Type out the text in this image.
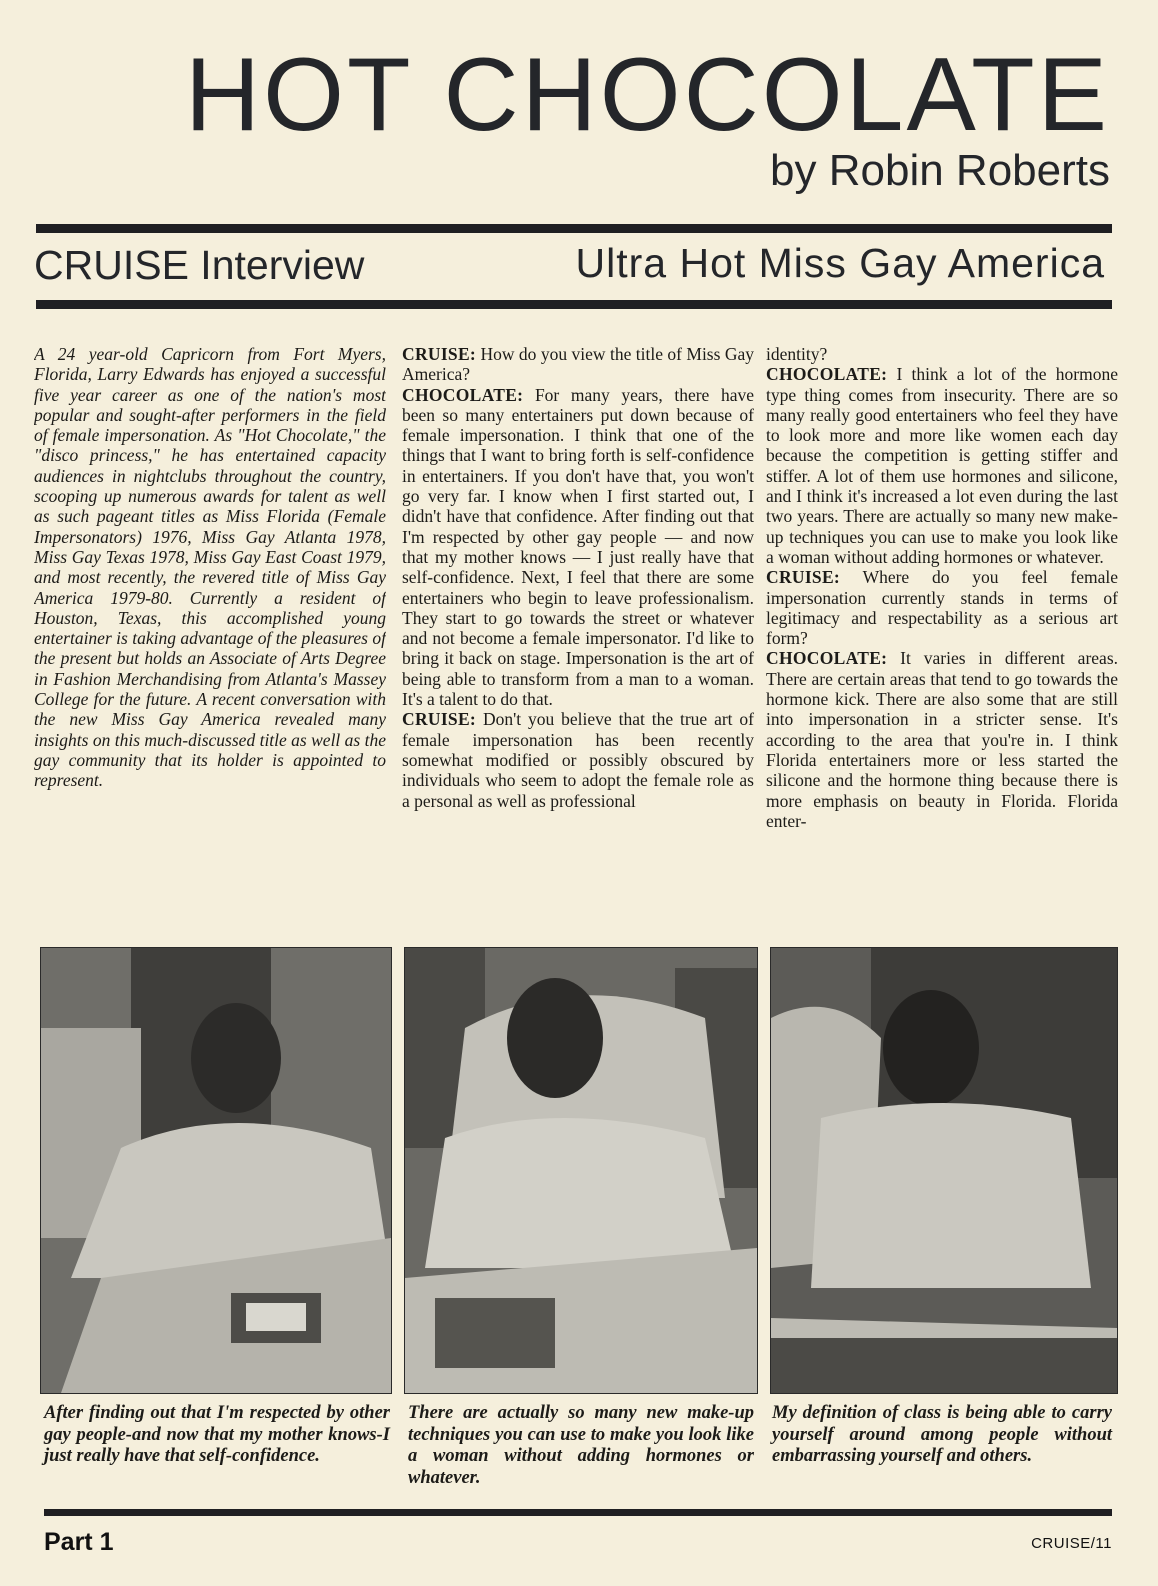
HOT CHOCOLATE
by Robin Roberts
CRUISE Interview	Ultra Hot Miss Gay America

A 24 year-old Capricorn from Fort Myers, Florida, Larry Edwards has enjoyed a successful five year career as one of the nation's most popular and sought-after performers in the field of female impersonation. As "Hot Chocolate," the "disco princess," he has entertained capacity audiences in nightclubs throughout the country, scooping up numerous awards for talent as well as such pageant titles as Miss Florida (Female Impersonators) 1976, Miss Gay Atlanta 1978, Miss Gay Texas 1978, Miss Gay East Coast 1979, and most recently, the revered title of Miss Gay America 1979-80. Currently a resident of Houston, Texas, this accomplished young entertainer is taking advantage of the pleasures of the present but holds an Associate of Arts Degree in Fashion Merchandising from Atlanta's Massey College for the future. A recent conversation with the new Miss Gay America revealed many insights on this much-discussed title as well as the gay community that its holder is appointed to represent.

CRUISE: How do you view the title of Miss Gay America?

CHOCOLATE: For many years, there have been so many entertainers put down because of female impersonation. I think that one of the things that I want to bring forth is self-confidence in entertainers. If you don't have that, you won't go very far. I know when I first started out, I didn't have that confidence. After finding out that I'm respected by other gay people — and now that my mother knows — I just really have that self-confidence. Next, I feel that there are some entertainers who begin to leave professionalism. They start to go towards the street or whatever and not become a female impersonator. I'd like to bring it back on stage. Impersonation is the art of being able to transform from a man to a woman. It's a talent to do that.

CRUISE: Don't you believe that the true art of female impersonation has been recently somewhat modified or possibly obscured by individuals who seem to adopt the female role as a personal as well as professional

identity?

CHOCOLATE: I think a lot of the hormone type thing comes from insecurity. There are so many really good entertainers who feel they have to look more and more like women each day because the competition is getting stiffer and stiffer. A lot of them use hormones and silicone, and I think it's increased a lot even during the last two years. There are actually so many new make-up techniques you can use to make you look like a woman without adding hormones or whatever.

CRUISE: Where do you feel female impersonation currently stands in terms of legitimacy and respectability as a serious art form?

CHOCOLATE: It varies in different areas. There are certain areas that tend to go towards the hormone kick. There are also some that are still into impersonation in a stricter sense. It's according to the area that you're in. I think Florida entertainers more or less started the silicone and the hormone thing because there is more emphasis on beauty in Florida. Florida enter-

After finding out that I'm respected by other gay people-and now that my mother knows-I just really have that self-confidence.
There are actually so many new make-up techniques you can use to make you look like a woman without adding hormones or whatever.
My definition of class is being able to carry yourself around among people without embarrassing yourself and others.
Part 1	CRUISE/11
